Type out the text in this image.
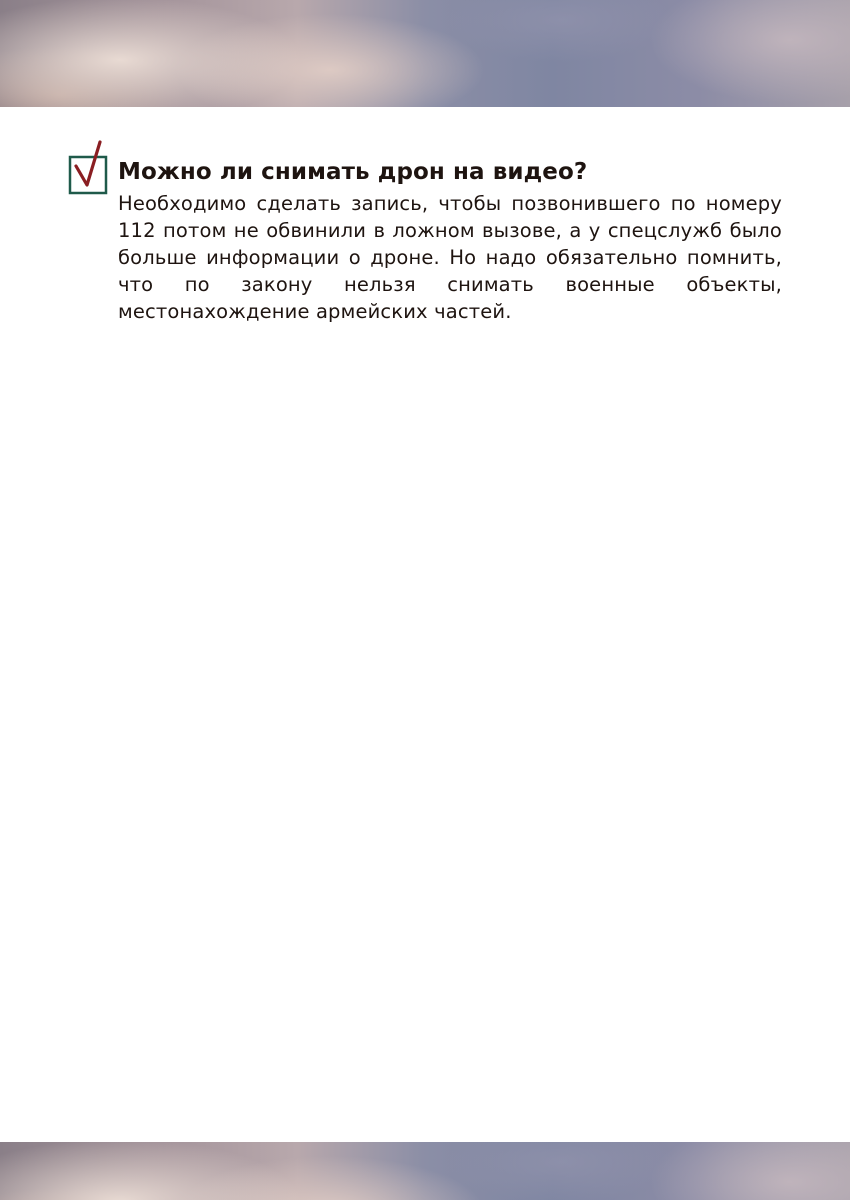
Можно ли снимать дрон на видео?

Необходимо сделать запись, чтобы позвонившего по номеру 112 потом не обвинили в ложном вызове, а у спецслужб было больше информации о дроне. Но надо обязательно помнить, что по закону нельзя снимать военные объекты, местонахождение армейских частей.
